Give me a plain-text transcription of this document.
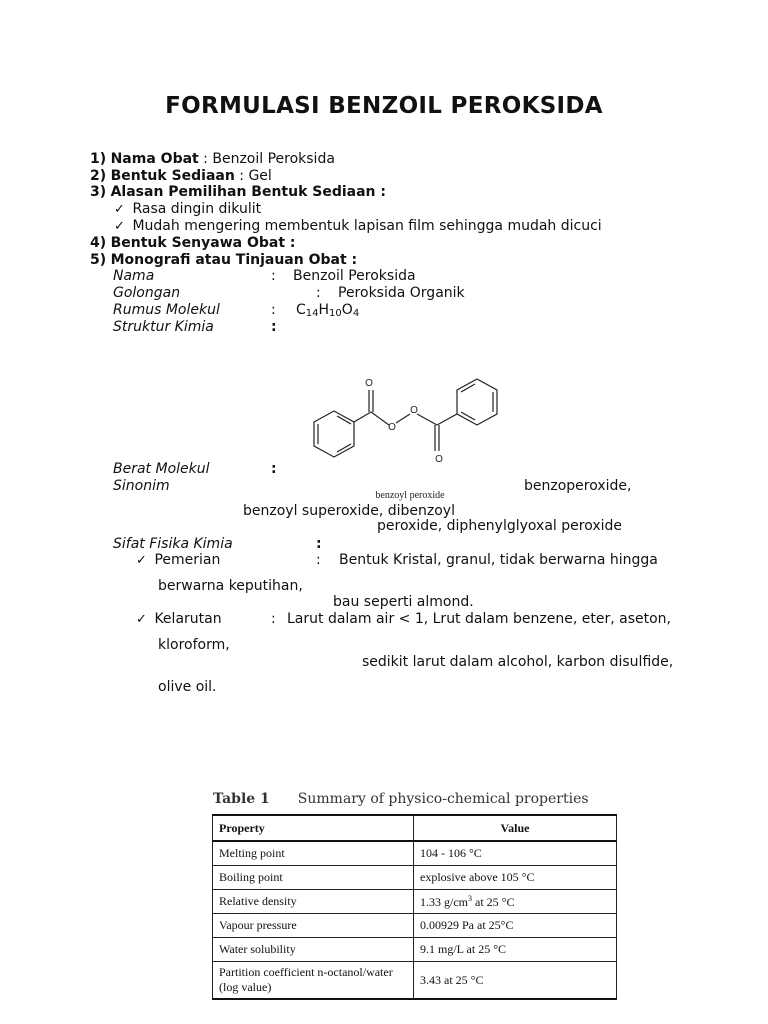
FORMULASI BENZOIL PEROKSIDA
1) Nama Obat : Benzoil Peroksida
2) Bentuk Sediaan : Gel
3) Alasan Pemilihan Bentuk Sediaan :
✓ Rasa dingin dikulit
✓ Mudah mengering membentuk lapisan film sehingga mudah dicuci
4) Bentuk Senyawa Obat :
5) Monografi atau Tinjauan Obat :
Nama	: Benzoil Peroksida
Golongan	: Peroksida Organik
Rumus Molekul	: $C_{14}H_{10}O_4$
Struktur Kimia	:
O
O
O
O
benzoyl peroxide
Berat Molekul	:
Sinonim	benzoperoxide,
benzoyl superoxide, dibenzoyl
peroxide, diphenylglyoxal peroxide
Sifat Fisika Kimia	:
✓ Pemerian	: Bentuk Kristal, granul, tidak berwarna hingga
berwarna keputihan,
bau seperti almond.
✓ Kelarutan	: Larut dalam air < 1, Lrut dalam benzene, eter, aseton,
kloroform,
sedikit larut dalam alcohol, karbon disulfide,
olive oil.
Table 1 Summary of physico-chemical properties
Property	Value
Melting point	104 - 106 °C
Boiling point	explosive above 105 °C
Relative density	1.33 $g/cm^3$ at 25 °C
Vapour pressure	0.00929 Pa at 25°C
Water solubility	9.1 mg/L at 25 °C
Partition coefficient n-octanol/water (log value)	3.43 at 25 °C
